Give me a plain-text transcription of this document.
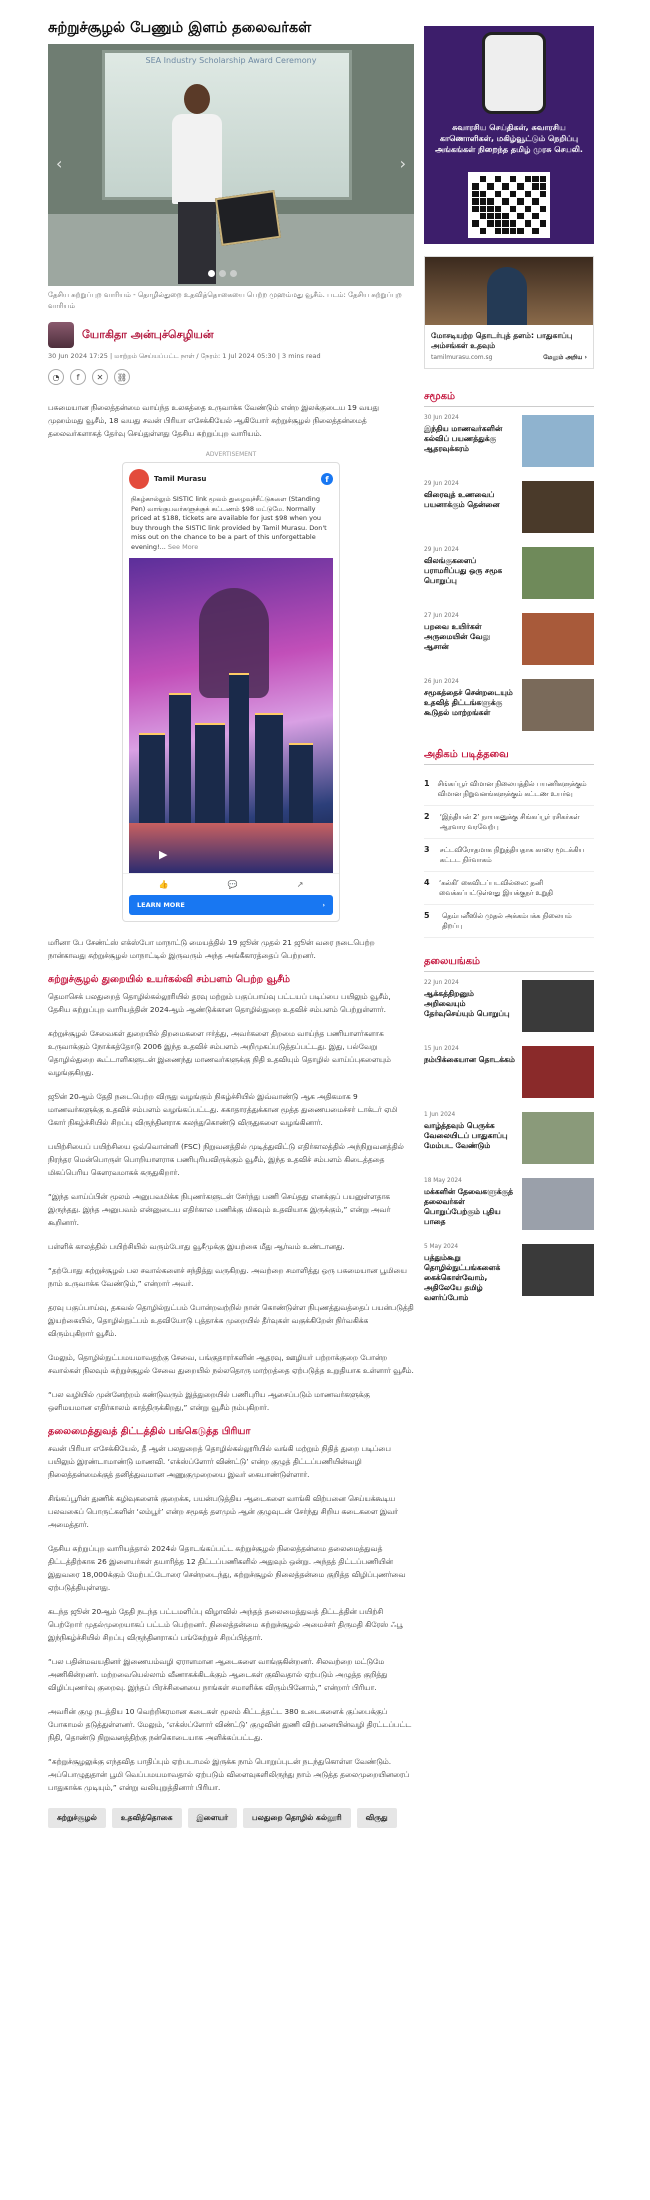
சுற்றுச்சூழல் பேணும் இளம் தலைவர்கள்
SEA Industry Scholarship Award Ceremony
‹	›

தேசிய சுற்றுப்புற வாரியம் - தொழில்துறை உதவித்தொகையை பெற்ற முஹம்மது வூசீம். படம்: தேசிய சுற்றுப்புற வாரியம்

யோகிதா அன்புச்செழியன்
30 Jun 2024 17:25 | மாற்றம் செய்யப்பட்ட நாள் / நேரம்: 1 Jul 2024 05:30 | 3 mins read
◔	f	✕	⛓

பசுமையான நிலைத்தன்மை வாய்ந்த உலகத்தை உருவாக்க வேண்டும் என்ற இலக்குடைய 19 வயது முஹம்மது வூசீம், 18 வயது சவன் பிரியா எசேக்கியேல் ஆகியோர் சுற்றுச்சூழல் நிலைத்தன்மைத் தலைவர்களாகத் தேர்வு செய்துள்ளது தேசிய சுற்றுப்புற வாரியம்.

ADVERTISEMENT
Tamil Murasu	f

நிகழ்கால்லும் SISTIC link மூலம் துழைவுச்சீட்டுகளை (Standing Pen) வாங்குபவர்களுக்குக் கட்டணம் $98 மட்டுமே. Normally priced at $188, tickets are available for just $98 when you buy through the SISTIC link provided by Tamil Murasu. Don't miss out on the chance to be a part of this unforgettable evening!... See More

▶
👍	💬	↗
LEARN MORE	›

மரினா பே சேண்ட்ஸ் எக்ஸ்போ மாநாட்டு மையத்தில் 19 ஜூன் முதல் 21 ஜூன் வரை நடைபெற்ற நான்காவது சுற்றுச்சூழல் மாநாட்டில் இருவரும் அந்த அங்கீகாரத்தைப் பெற்றனர்.

சுற்றுச்சூழல் துறையில் உயர்கல்வி சம்பளம் பெற்ற வூசீம்

தெமாசெக் பலதுறைத் தொழில்கல்லூரியில் தரவு மற்றும் பகுப்பாய்வு பட்டயப் படிப்பை பயிலும் வூசீம், தேசிய சுற்றுப்புற வாரியத்தின் 2024ஆம் ஆண்டுக்கான தொழில்துறை உதவிச் சம்பளம் பெற்றுள்ளார்.

சுற்றுச்சூழல் சேவைகள் துறையில் திறமைகளை ஈர்த்து, அவர்களை திறமை வாய்ந்த பணியாளர்களாக உருவாக்கும் நோக்கத்தோடு 2006 இந்த உதவிச் சம்பளம் அறிமுகப்படுத்தப்பட்டது. இது, பல்வேறு தொழில்துறை கூட்டாளிகளுடன் இணைந்து மாணவர்களுக்கு நிதி உதவியும் தொழில் வாய்ப்புகளையும் வழங்குகிறது.

ஜூன் 20ஆம் தேதி நடைபெற்ற விருது வழங்கும் நிகழ்ச்சியில் இவ்வாண்டு ஆக அதிகமாக 9 மாணவர்களுக்கு உதவிச் சம்பளம் வழங்கப்பட்டது. சுகாதாரத்துக்கான மூத்த துணையமைச்சர் டாக்டர் ஏமி கோர் நிகழ்ச்சியில் சிறப்பு விருந்தினராக கலந்துகொண்டு விருதுகளை வழங்கினார்.

பயிற்சியைப் பயிற்சியை ஒவ்வொன்னி (FSC) நிறுவனத்தில் முடித்துவிட்டு எதிர்காலத்தில் அந்நிறுவனத்தில் நிரந்தர மென்பொருள் பொறியாளராக பணிபுரியவிருக்கும் வூசீம், இந்த உதவிச் சம்பளம் கிடைத்ததை மிகப்பெரிய கௌரவமாகக் கருதுகிறார்.

“இந்த வாய்ப்பின் மூலம் அனுபவமிக்க நிபுணர்களுடன் சேர்ந்து பணி செய்தது எனக்குப் பயனுள்ளதாக இருந்தது. இந்த அனுபவம் என்னுடைய எதிர்கால பணிக்கு மிகவும் உதவியாக இருக்கும்,” என்று அவர் கூறினார்.

பள்ளிக் காலத்தில் பயிற்சியில் வரும்போது வூசீமுக்கு இயற்கை மீது ஆர்வம் உண்டானது.

“தற்போது சுற்றுச்சூழல் பல சவால்களைச் சந்தித்து வருகிறது. அவற்றை சமாளித்து ஒரு பசுமையான பூமியை நாம் உருவாக்க வேண்டும்,” என்றார் அவர்.

தரவு பகுப்பாய்வு, தகவல் தொழில்நுட்பம் போன்றவற்றில் நான் கொண்டுள்ள நிபுணத்துவத்தைப் பயன்படுத்தி இயற்கையில், தொழில்நுட்பம் உதவியோடு புத்தாக்க முறையில் தீர்வுகள் வகுக்கிறேன் நிர்வகிக்க விரும்புகிறார் வூசீம்.

மேலும், தொழில்நுட்பமயமாவதற்கு சேவை, பங்குதாரர்களின் ஆதரவு, ஊழியர் பற்றாக்குறை போன்ற சவால்கள் நிலவும் சுற்றுச்சூழல் சேவை துறையில் நல்லதொரு மாற்றத்தை ஏற்படுத்த உறுதியாக உள்ளார் வூசீம்.

“பல வழியில் முன்னேற்றம் கண்டுவரும் இத்துறையில் பணிபுரிய ஆசைப்படும் மாணவர்களுக்கு ஒளிமயமான எதிர்காலம் காத்திருக்கிறது,” என்று வூசீம் நம்புகிறார்.

தலைமைத்துவத் திட்டத்தில் பங்கெடுத்த பிரியா

சவன் பிரியா எசேக்கியேல், தீ ஆன் பலதுறைத் தொழில்கல்லூரியில் வங்கி மற்றும் நிதித் துறை படிப்பை பயிலும் இரண்டாமாண்டு மாணவி. ‘எக்ஸ்ப்ளோர் விண்ட்டு’ என்ற குழுத் திட்டப்பணியின்வழி நிலைத்தன்மைக்குத் தனித்துவமான அணுகுமுறையை இவர் கையாண்டுள்ளார்.

சிங்கப்பூரின் துணிக் கழிவுகளைக் குறைக்க, பயன்படுத்திய ஆடைகளை வாங்கி விற்பனை செய்யக்கூடிய பலவகைப் பொருட்களின் ‘லம்பூர்’ என்ற சமூகத் தளமும் ஆன் குழுவுடன் சேர்ந்து சிறிய கடைகளை இவர் அமைத்தார்.

தேசிய சுற்றுப்புற வாரியத்தால் 2024ல் தொடங்கப்பட்ட சுற்றுச்சூழல் நிலைத்தன்மை தலைமைத்துவத் திட்டத்திற்காக 26 இளையர்கள் தயாரித்த 12 திட்டப்பணிகளில் அதுவும் ஒன்று. அந்தத் திட்டப்பணியின் இதுவரை 18,000க்கும் மேற்பட்டோரை சென்றடைந்து, சுற்றுச்சூழல் நிலைத்தன்மை குறித்த விழிப்புணர்வை ஏற்படுத்தியுள்ளது.

கடந்த ஜூன் 20ஆம் தேதி நடந்த பட்டமளிப்பு விழாவில் அந்தத் தலைமைத்துவத் திட்டத்தின் பயிற்சி பெற்றோர் முதல்முறையாகப் பட்டம் பெற்றனர். நிலைத்தன்மை சுற்றுச்சூழல் அமைச்சர் திருமதி கிரேஸ் ஃபூ இந்நிகழ்ச்சியில் சிறப்பு விருந்தினராகப் பங்கேற்றுச் சிறப்பித்தார்.

“பல பதின்மவயதினர் இணையம்வழி ஏராளமான ஆடைகளை வாங்குகின்றனர். சிலவற்றை மட்டுமே அணிகின்றனர். மற்றவையெல்லாம் வீணாகக்கிடக்கும் ஆடைகள் குவிவதால் ஏற்படும் அழுத்த குறித்து விழிப்புணர்வு குறைவு. இந்தப் பிரச்சினையை நாங்கள் சமாளிக்க விரும்பினோம்,” என்றார் பிரியா.

அவரின் குழு நடத்திய 10 வெற்றிகரமான கடைகள் மூலம் கிட்டத்தட்ட 380 உடைகளைக் குப்பைக்குப் போகாமல் தடுத்துள்ளனர். மேலும், ‘எக்ஸ்ப்ளோர் விண்ட்டு’ குழுவின் துணி விற்பனையின்வழி திரட்டப்பட்ட நிதி, தொண்டு நிறுவனத்திற்கு நன்கொடையாக அளிக்கப்பட்டது.

“சுற்றுச்சூழலுக்கு எந்தவித பாதிப்பும் ஏற்படாமல் இருக்க நாம் பொறுப்புடன் நடந்துகொள்ள வேண்டும். அப்பொழுதுதான் பூமி வெப்பமயமாவதால் ஏற்படும் விளைவுகளிலிருந்து நாம் அடுத்த தலைமுறையினரைப் பாதுகாக்க முடியும்,” என்று வலியுறுத்தினார் பிரியா.

சுற்றுச்சூழல்	உதவித்தொகை	இளையர்	பலதுறை தொழில் கல்லூரி	விருது
சுவாரசிய செய்திகள், சுவாரசிய காணொளிகள், மகிழ்வூட்டும் நெறிப்பு அங்கங்கள் நிறைந்த தமிழ் முரசு செயலி.
மோசடியற்ற தொடர்புத் தளம்: பாதுகாப்பு அம்சங்கள் உதவும்
tamilmurasu.com.sg	மேலும் அறிய ›
சமூகம்
30 Jun 2024
இந்திய மாணவர்களின் கல்விப் பயணத்துக்கு ஆதரவுக்கரம்
29 Jun 2024
விரைவுத் உணவைப் பயனாக்கும் தென்னை
29 Jun 2024
விலங்குகளைப் பராமரிப்பது ஒரு சமூக பொறுப்பு
27 Jun 2024
பறவை உயிர்கள் அருமையின் வேலு ஆசான்
26 Jun 2024
சமூகத்தைச் சென்றடையும் உதவித் திட்டங்களுக்கு கூடுதல் மாற்றங்கள்
அதிகம் படித்தவை
1 சிங்கப்பூர் விமான நிலையத்தில் பயணிகளுக்கும் விமான நிறுவனங்களுக்கும் கட்டண உயர்வு
2	‘இந்தியன் 2’ நாயகனுக்கு சிங்கப்பூர் ரசிகர்கள் ஆரவார வரவேற்பு
3	சட்டவிரோதமாக நிறுத்தியதாக காரை மூடக்கிய கட்டட நிர்வாகம்
4 ‘கல்கி’ கைவிடப்படவில்லை: தனி வைக்கப்பட்டுள்ளது இயக்குநர் உறுதி
5	தெம்பனீஸில் முதல் அக்கம்பக்க நிலையம் திறப்பு
தலையங்கம்
22 Jun 2024
ஆக்கத்திறனும் அறிவையும் தேர்வுசெய்யும் பொறுப்பு
15 Jun 2024
நம்பிக்கையான தொடக்கம்
1 Jun 2024
வாழ்த்தவும் பெருக்க வேலையிடப் பாதுகாப்பு மேம்பட வேண்டும்
18 May 2024
மக்களின் தேவைகளுக்குத் தலைவர்கள் பொறுப்பேற்கும் புதிய பாதை
5 May 2024
பத்தும்கூறு தொழில்நுட்பங்களைக் கைக்கொள்வோம், அதிலேயே தமிழ் வளர்ப்போம்
